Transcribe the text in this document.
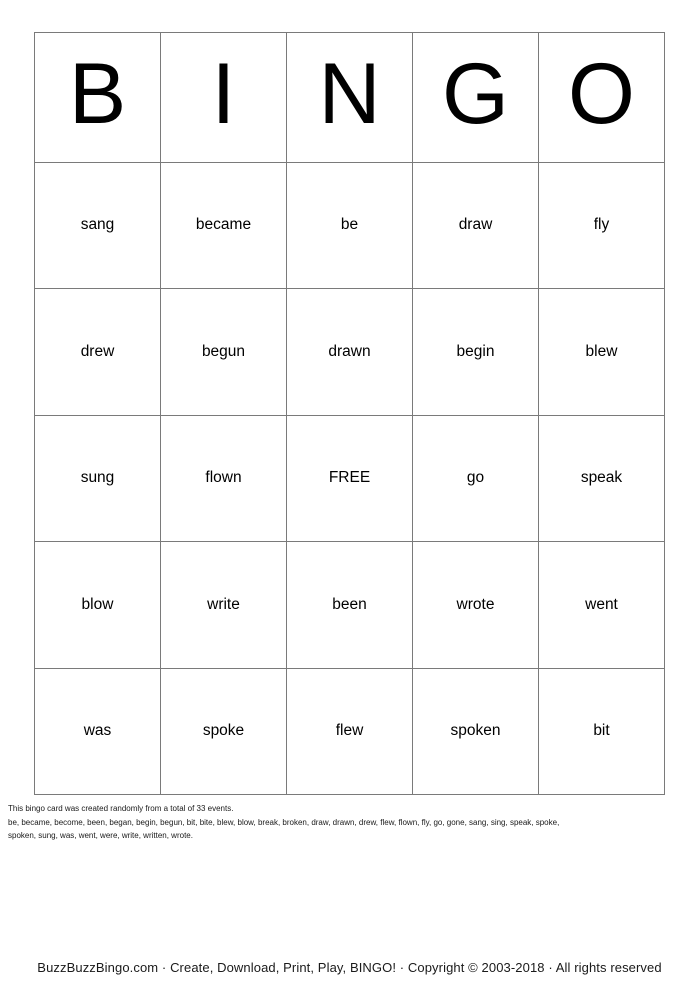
B I N G O
sang	became	be	draw	fly
drew	begun	drawn	begin	blew
sung	flown	FREE	go	speak
blow	write	been	wrote	went
was	spoke	flew	spoken	bit
This bingo card was created randomly from a total of 33 events.
be, became, become, been, began, begin, begun, bit, bite, blew, blow, break, broken, draw, drawn, drew, flew, flown, fly, go, gone, sang, sing, speak, spoke,
spoken, sung, was, went, were, write, written, wrote.
BuzzBuzzBingo.com · Create, Download, Print, Play, BINGO! · Copyright © 2003-2018 · All rights reserved
